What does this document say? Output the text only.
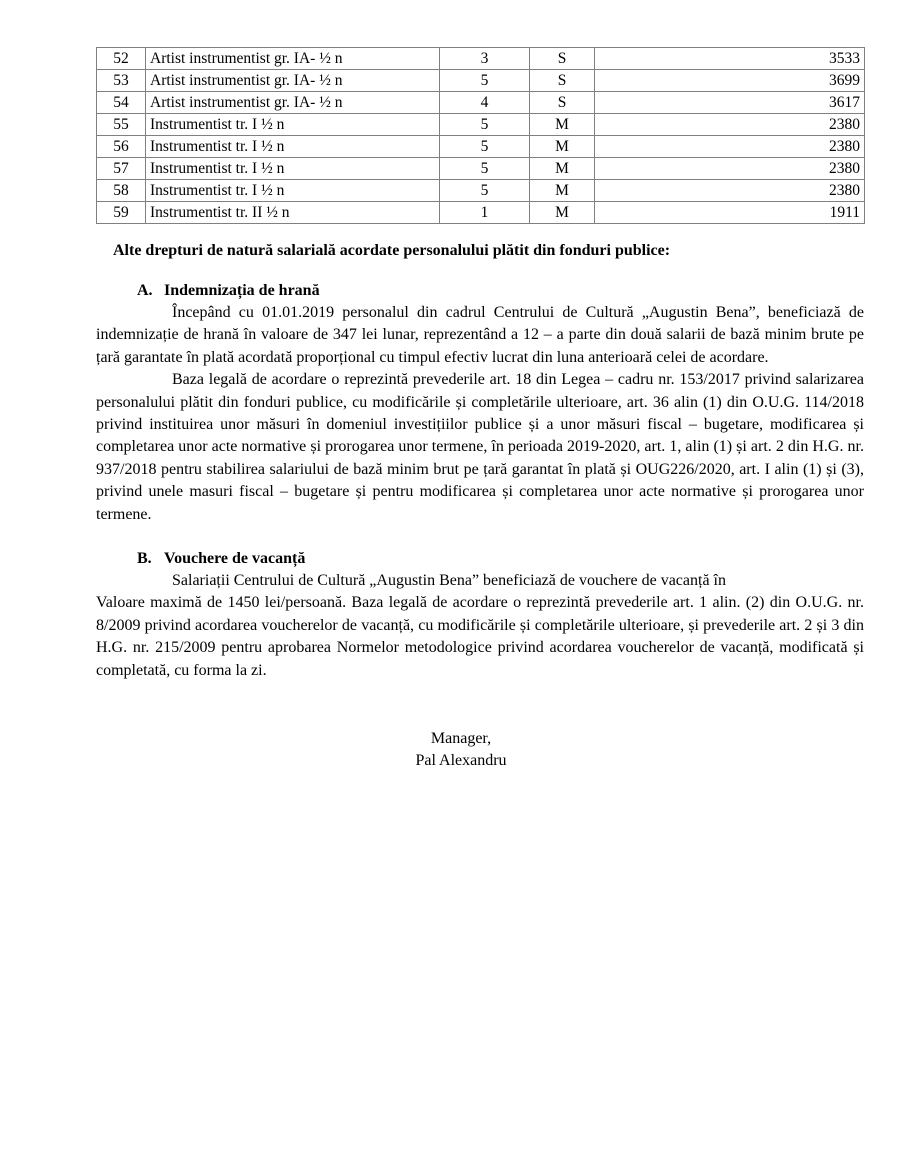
52	Artist instrumentist gr. IA- ½ n	3	S	3533
53	Artist instrumentist gr. IA- ½ n	5	S	3699
54	Artist instrumentist gr. IA- ½ n	4	S	3617
55	Instrumentist tr. I ½ n	5	M	2380
56	Instrumentist tr. I ½ n	5	M	2380
57	Instrumentist tr. I ½ n	5	M	2380
58	Instrumentist tr. I ½ n	5	M	2380
59	Instrumentist tr. II ½ n	1	M	1911
Alte drepturi de natură salarială acordate personalului plătit din fonduri publice:
A. Indemnizația de hrană

Începând cu 01.01.2019 personalul din cadrul Centrului de Cultură „Augustin Bena”, beneficiază de indemnizație de hrană în valoare de 347 lei lunar, reprezentând a 12 – a parte din două salarii de bază minim brute pe țară garantate în plată acordată proporțional cu timpul efectiv lucrat din luna anterioară celei de acordare.

Baza legală de acordare o reprezintă prevederile art. 18 din Legea – cadru nr. 153/2017 privind salarizarea personalului plătit din fonduri publice, cu modificările și completările ulterioare, art. 36 alin (1) din O.U.G. 114/2018 privind instituirea unor măsuri în domeniul investițiilor publice și a unor măsuri fiscal – bugetare, modificarea și completarea unor acte normative și prorogarea unor termene, în perioada 2019-2020, art. 1, alin (1) și art. 2 din H.G. nr. 937/2018 pentru stabilirea salariului de bază minim brut pe țară garantat în plată și OUG226/2020, art. I alin (1) și (3), privind unele masuri fiscal – bugetare și pentru modificarea și completarea unor acte normative și prorogarea unor termene.

B. Vouchere de vacanță

Salariații Centrului de Cultură „Augustin Bena” beneficiază de vouchere de vacanță în

Valoare maximă de 1450 lei/persoană. Baza legală de acordare o reprezintă prevederile art. 1 alin. (2) din O.U.G. nr. 8/2009 privind acordarea voucherelor de vacanță, cu modificările și completările ulterioare, și prevederile art. 2 și 3 din H.G. nr. 215/2009 pentru aprobarea Normelor metodologice privind acordarea voucherelor de vacanță, modificată și completată, cu forma la zi.

Manager,
Pal Alexandru
